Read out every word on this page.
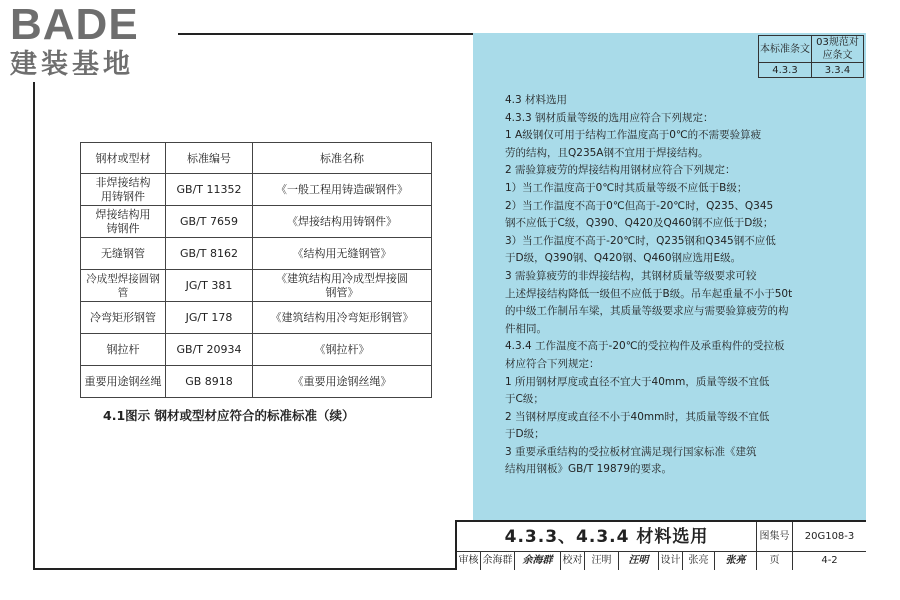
BADE
建装基地	本标准条文	03规范对应条文
4.3.3	3.3.4
钢材或型材	标准编号	标准名称
非焊接结构用铸钢件	GB/T 11352	《一般工程用铸造碳钢件》
焊接结构用铸钢件	GB/T 7659	《焊接结构用铸钢件》
无缝钢管	GB/T 8162	《结构用无缝钢管》
冷成型焊接圆钢管	JG/T 381	《建筑结构用冷成型焊接圆钢管》
冷弯矩形钢管	JG/T 178	《建筑结构用冷弯矩形钢管》
钢拉杆	GB/T 20934	《钢拉杆》
重要用途钢丝绳	GB 8918	《重要用途钢丝绳》
4.1图示 钢材或型材应符合的标准标准（续）

4.3 材料选用

4.3.3 钢材质量等级的选用应符合下列规定：

1 A级钢仅可用于结构工作温度高于0℃的不需要验算疲

劳的结构，且Q235A钢不宜用于焊接结构。

2 需验算疲劳的焊接结构用钢材应符合下列规定：

1）当工作温度高于0℃时其质量等级不应低于B级；

2）当工作温度不高于0℃但高于-20℃时，Q235、Q345

钢不应低于C级，Q390、Q420及Q460钢不应低于D级；

3）当工作温度不高于-20℃时，Q235钢和Q345钢不应低

于D级，Q390钢、Q420钢、Q460钢应选用E级。

3 需验算疲劳的非焊接结构，其钢材质量等级要求可较

上述焊接结构降低一级但不应低于B级。吊车起重量不小于50t

的中级工作制吊车梁，其质量等级要求应与需要验算疲劳的构

件相同。

4.3.4 工作温度不高于-20℃的受拉构件及承重构件的受拉板

材应符合下列规定：

1 所用钢材厚度或直径不宜大于40mm，质量等级不宜低

于C级；

2 当钢材厚度或直径不小于40mm时，其质量等级不宜低

于D级；

3 重要承重结构的受拉板材宜满足现行国家标准《建筑

结构用钢板》GB/T 19879的要求。

4.3.3、4.3.4 材料选用	图集号	20G108-3
审核 余海群	余海群	校对 汪明	汪明	设计 张亮	张亮	页	4-2
